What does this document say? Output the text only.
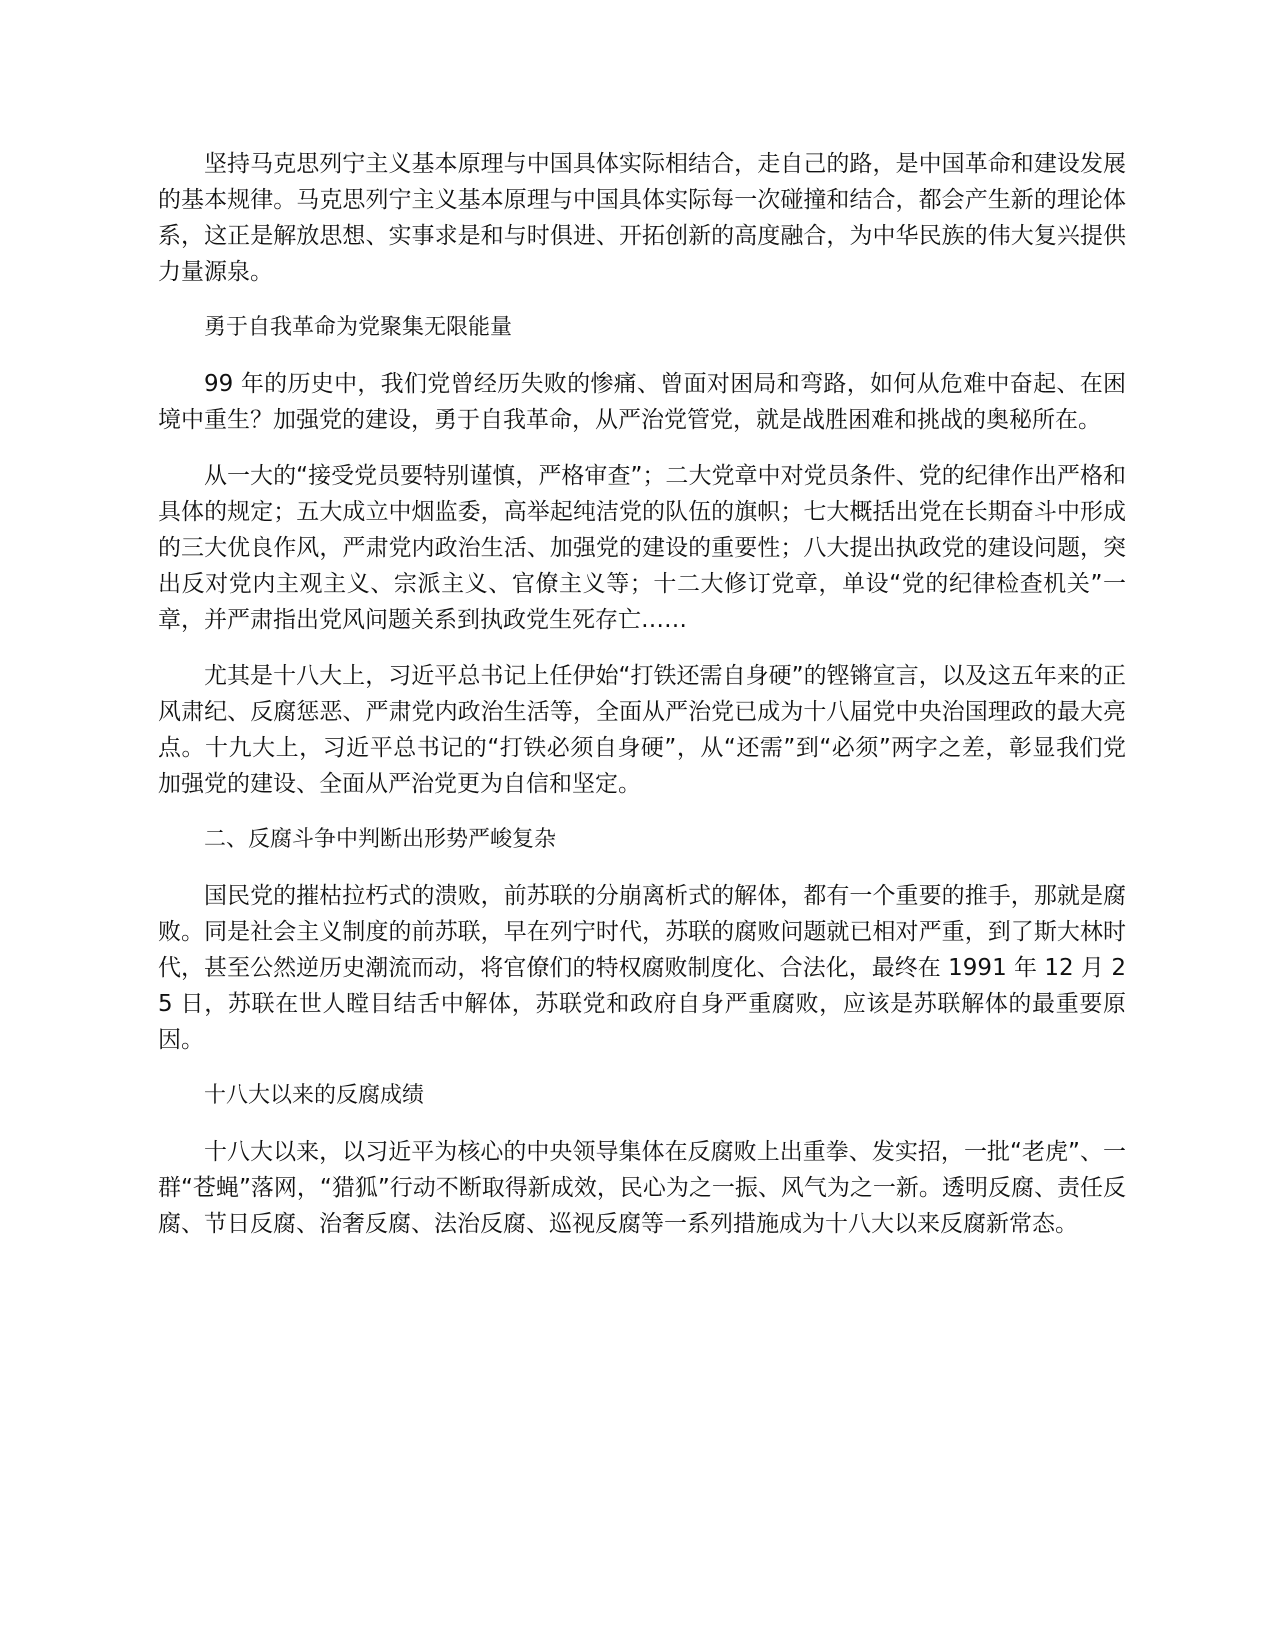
坚持马克思列宁主义基本原理与中国具体实际相结合，走自己的路，是中国革命和建设发展的基本规律。马克思列宁主义基本原理与中国具体实际每一次碰撞和结合，都会产生新的理论体系，这正是解放思想、实事求是和与时俱进、开拓创新的高度融合，为中华民族的伟大复兴提供力量源泉。

勇于自我革命为党聚集无限能量

99 年的历史中，我们党曾经历失败的惨痛、曾面对困局和弯路，如何从危难中奋起、在困境中重生？加强党的建设，勇于自我革命，从严治党管党，就是战胜困难和挑战的奥秘所在。

从一大的“接受党员要特别谨慎，严格审查”；二大党章中对党员条件、党的纪律作出严格和具体的规定；五大成立中烟监委，高举起纯洁党的队伍的旗帜；七大概括出党在长期奋斗中形成的三大优良作风，严肃党内政治生活、加强党的建设的重要性；八大提出执政党的建设问题，突出反对党内主观主义、宗派主义、官僚主义等；十二大修订党章，单设“党的纪律检查机关”一章，并严肃指出党风问题关系到执政党生死存亡……

尤其是十八大上，习近平总书记上任伊始“打铁还需自身硬”的铿锵宣言，以及这五年来的正风肃纪、反腐惩恶、严肃党内政治生活等，全面从严治党已成为十八届党中央治国理政的最大亮点。十九大上，习近平总书记的“打铁必须自身硬”，从“还需”到“必须”两字之差，彰显我们党加强党的建设、全面从严治党更为自信和坚定。

二、反腐斗争中判断出形势严峻复杂

国民党的摧枯拉朽式的溃败，前苏联的分崩离析式的解体，都有一个重要的推手，那就是腐败。同是社会主义制度的前苏联，早在列宁时代，苏联的腐败问题就已相对严重，到了斯大林时代，甚至公然逆历史潮流而动，将官僚们的特权腐败制度化、合法化，最终在 1991 年 12 月 25 日，苏联在世人瞠目结舌中解体，苏联党和政府自身严重腐败，应该是苏联解体的最重要原因。

十八大以来的反腐成绩

十八大以来，以习近平为核心的中央领导集体在反腐败上出重拳、发实招，一批“老虎”、一群“苍蝇”落网，“猎狐”行动不断取得新成效，民心为之一振、风气为之一新。透明反腐、责任反腐、节日反腐、治奢反腐、法治反腐、巡视反腐等一系列措施成为十八大以来反腐新常态。
